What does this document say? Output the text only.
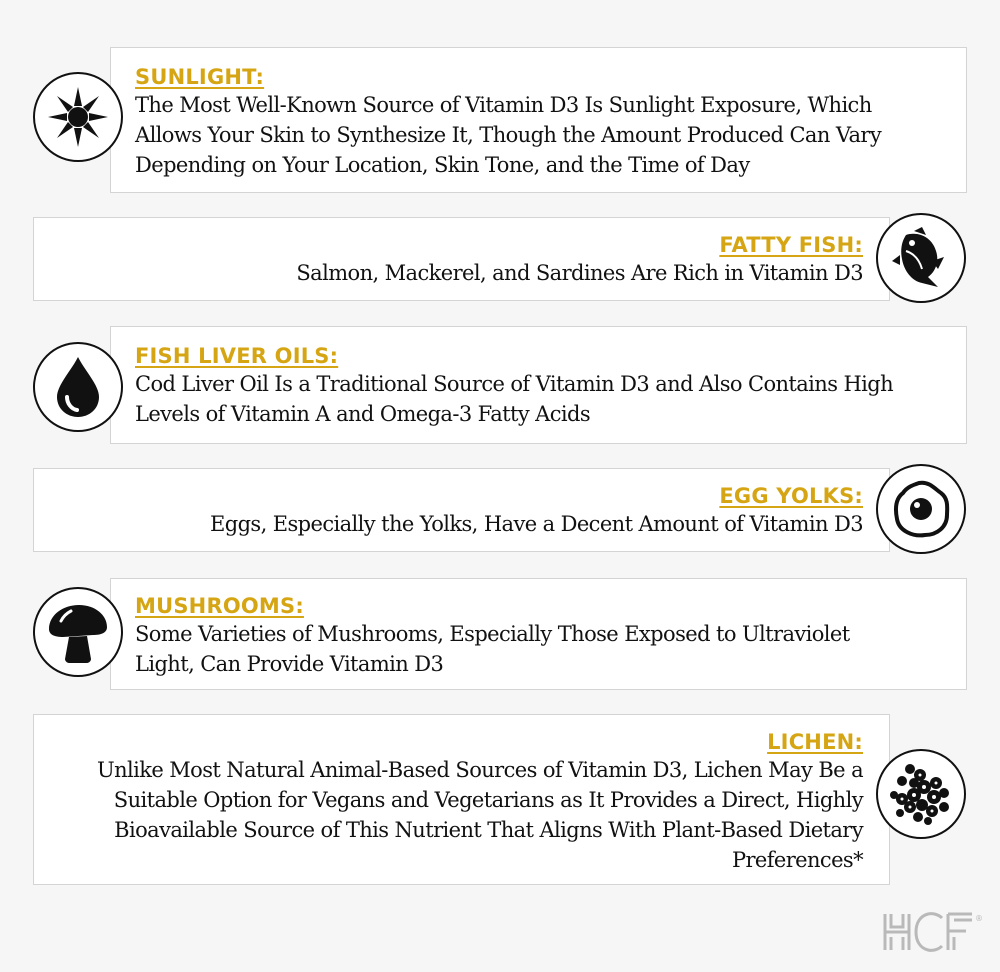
SUNLIGHT:
The Most Well-Known Source of Vitamin D3 Is Sunlight Exposure, Which
Allows Your Skin to Synthesize It, Though the Amount Produced Can Vary
Depending on Your Location, Skin Tone, and the Time of Day
FATTY FISH:
Salmon, Mackerel, and Sardines Are Rich in Vitamin D3
FISH LIVER OILS:
Cod Liver Oil Is a Traditional Source of Vitamin D3 and Also Contains High
Levels of Vitamin A and Omega-3 Fatty Acids
EGG YOLKS:
Eggs, Especially the Yolks, Have a Decent Amount of Vitamin D3
MUSHROOMS:
Some Varieties of Mushrooms, Especially Those Exposed to Ultraviolet
Light, Can Provide Vitamin D3
LICHEN:
Unlike Most Natural Animal-Based Sources of Vitamin D3, Lichen May Be a
Suitable Option for Vegans and Vegetarians as It Provides a Direct, Highly
Bioavailable Source of This Nutrient That Aligns With Plant-Based Dietary
Preferences*
®
